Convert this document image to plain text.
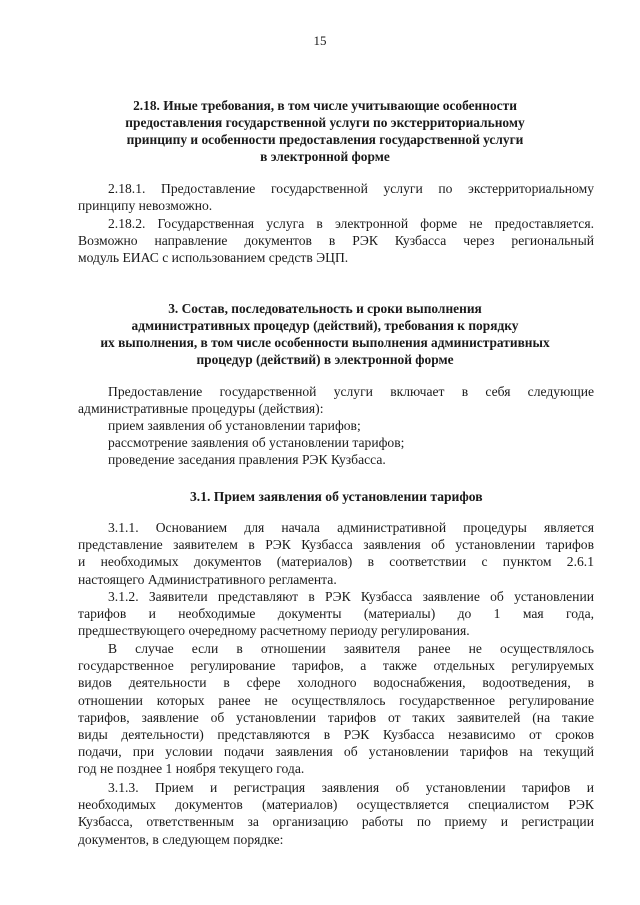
15
2.18. Иные требования, в том числе учитывающие особенности
предоставления государственной услуги по экстерриториальному
принципу и особенности предоставления государственной услуги
в электронной форме
2.18.1. Предоставление государственной услуги по экстерриториальному
принципу невозможно.
2.18.2. Государственная услуга в электронной форме не предоставляется.
Возможно направление документов в РЭК Кузбасса через региональный
модуль ЕИАС с использованием средств ЭЦП.
3. Состав, последовательность и сроки выполнения
административных процедур (действий), требования к порядку
их выполнения, в том числе особенности выполнения административных
процедур (действий) в электронной форме
Предоставление государственной услуги включает в себя следующие
административные процедуры (действия):
прием заявления об установлении тарифов;
рассмотрение заявления об установлении тарифов;
проведение заседания правления РЭК Кузбасса.
3.1. Прием заявления об установлении тарифов
3.1.1. Основанием для начала административной процедуры является
представление заявителем в РЭК Кузбасса заявления об установлении тарифов
и необходимых документов (материалов) в соответствии с пунктом 2.6.1
настоящего Административного регламента.
3.1.2. Заявители представляют в РЭК Кузбасса заявление об установлении
тарифов и необходимые документы (материалы) до 1 мая года,
предшествующего очередному расчетному периоду регулирования.
В случае если в отношении заявителя ранее не осуществлялось
государственное регулирование тарифов, а также отдельных регулируемых
видов деятельности в сфере холодного водоснабжения, водоотведения, в
отношении которых ранее не осуществлялось государственное регулирование
тарифов, заявление об установлении тарифов от таких заявителей (на такие
виды деятельности) представляются в РЭК Кузбасса независимо от сроков
подачи, при условии подачи заявления об установлении тарифов на текущий
год не позднее 1 ноября текущего года.
3.1.3. Прием и регистрация заявления об установлении тарифов и
необходимых документов (материалов) осуществляется специалистом РЭК
Кузбасса, ответственным за организацию работы по приему и регистрации
документов, в следующем порядке:
